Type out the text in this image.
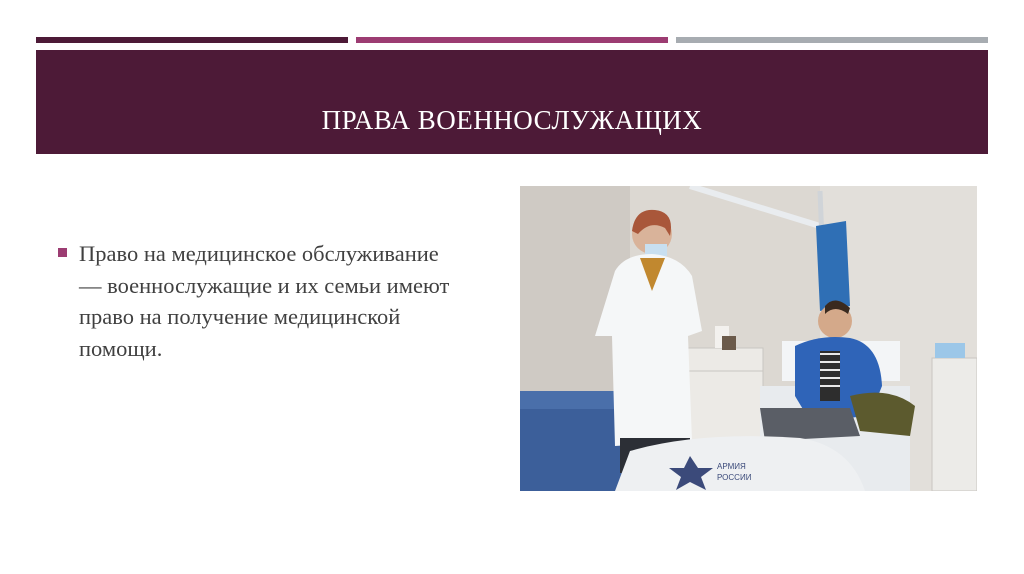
ПРАВА ВОЕННОСЛУЖАЩИХ
Право на медицинское обслуживание — военнослужащие и их семьи имеют право на получение медицинской помощи.
АРМИЯ
РОССИИ
